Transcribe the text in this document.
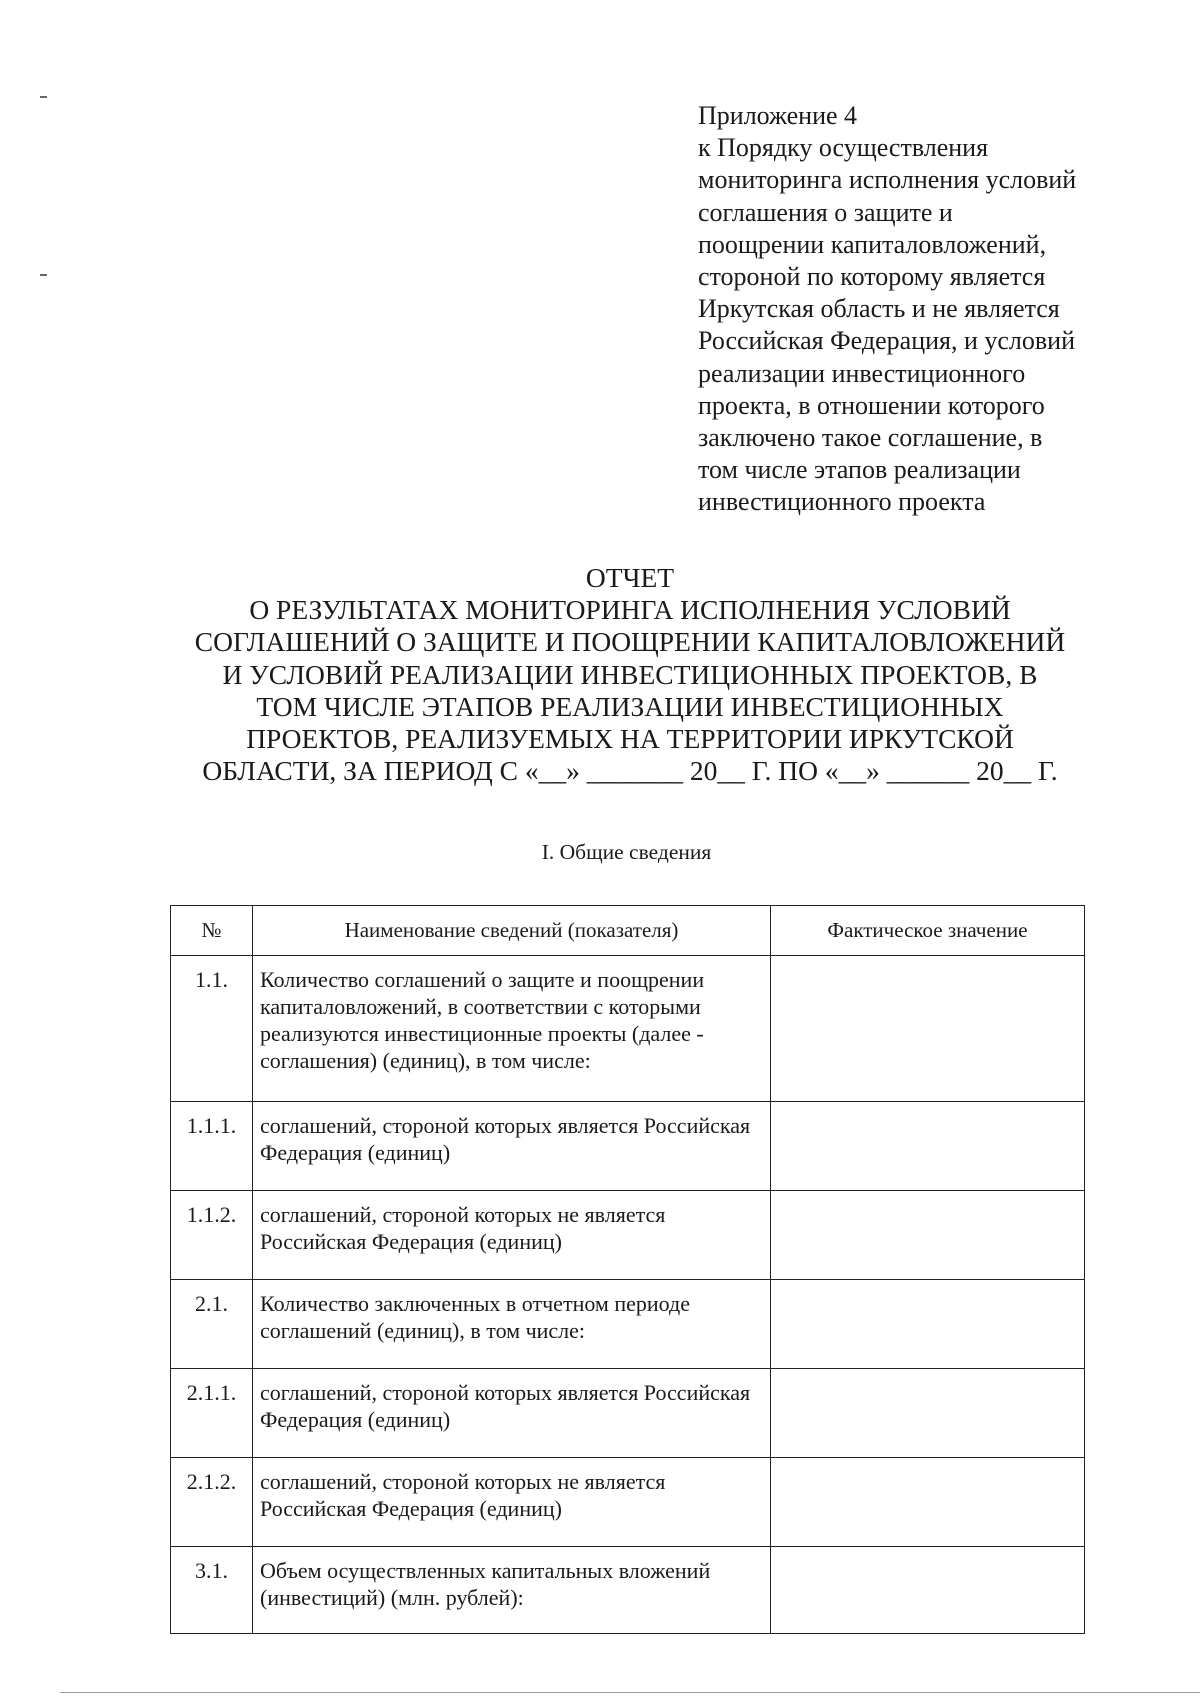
Приложение 4
к Порядку осуществления
мониторинга исполнения условий
соглашения о защите и
поощрении капиталовложений,
стороной по которому является
Иркутская область и не является
Российская Федерация, и условий
реализации инвестиционного
проекта, в отношении которого
заключено такое соглашение, в
том числе этапов реализации
инвестиционного проекта
ОТЧЕТ
О РЕЗУЛЬТАТАХ МОНИТОРИНГА ИСПОЛНЕНИЯ УСЛОВИЙ
СОГЛАШЕНИЙ О ЗАЩИТЕ И ПООЩРЕНИИ КАПИТАЛОВЛОЖЕНИЙ
И УСЛОВИЙ РЕАЛИЗАЦИИ ИНВЕСТИЦИОННЫХ ПРОЕКТОВ, В
ТОМ ЧИСЛЕ ЭТАПОВ РЕАЛИЗАЦИИ ИНВЕСТИЦИОННЫХ
ПРОЕКТОВ, РЕАЛИЗУЕМЫХ НА ТЕРРИТОРИИ ИРКУТСКОЙ
ОБЛАСТИ, ЗА ПЕРИОД С «__» _______ 20__ Г. ПО «__» ______ 20__ Г.
I. Общие сведения
№	Наименование сведений (показателя)	Фактическое значение
1.1.	Количество соглашений о защите и поощрении капиталовложений, в соответствии с которыми реализуются инвестиционные проекты (далее - соглашения) (единиц), в том числе:	
1.1.1.	соглашений, стороной которых является Российская Федерация (единиц)	
1.1.2.	соглашений, стороной которых не является Российская Федерация (единиц)	
2.1.	Количество заключенных в отчетном периоде соглашений (единиц), в том числе:	
2.1.1.	соглашений, стороной которых является Российская Федерация (единиц)	
2.1.2.	соглашений, стороной которых не является Российская Федерация (единиц)	
3.1.	Объем осуществленных капитальных вложений (инвестиций) (млн. рублей):	
